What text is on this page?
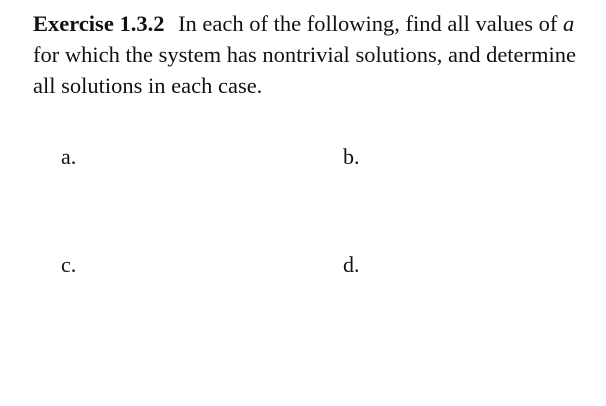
Exercise 1.3.2 In each of the following, find all values of a for which the system has nontrivial solutions, and determine all solutions in each case.
a.	b.
c.	d.
